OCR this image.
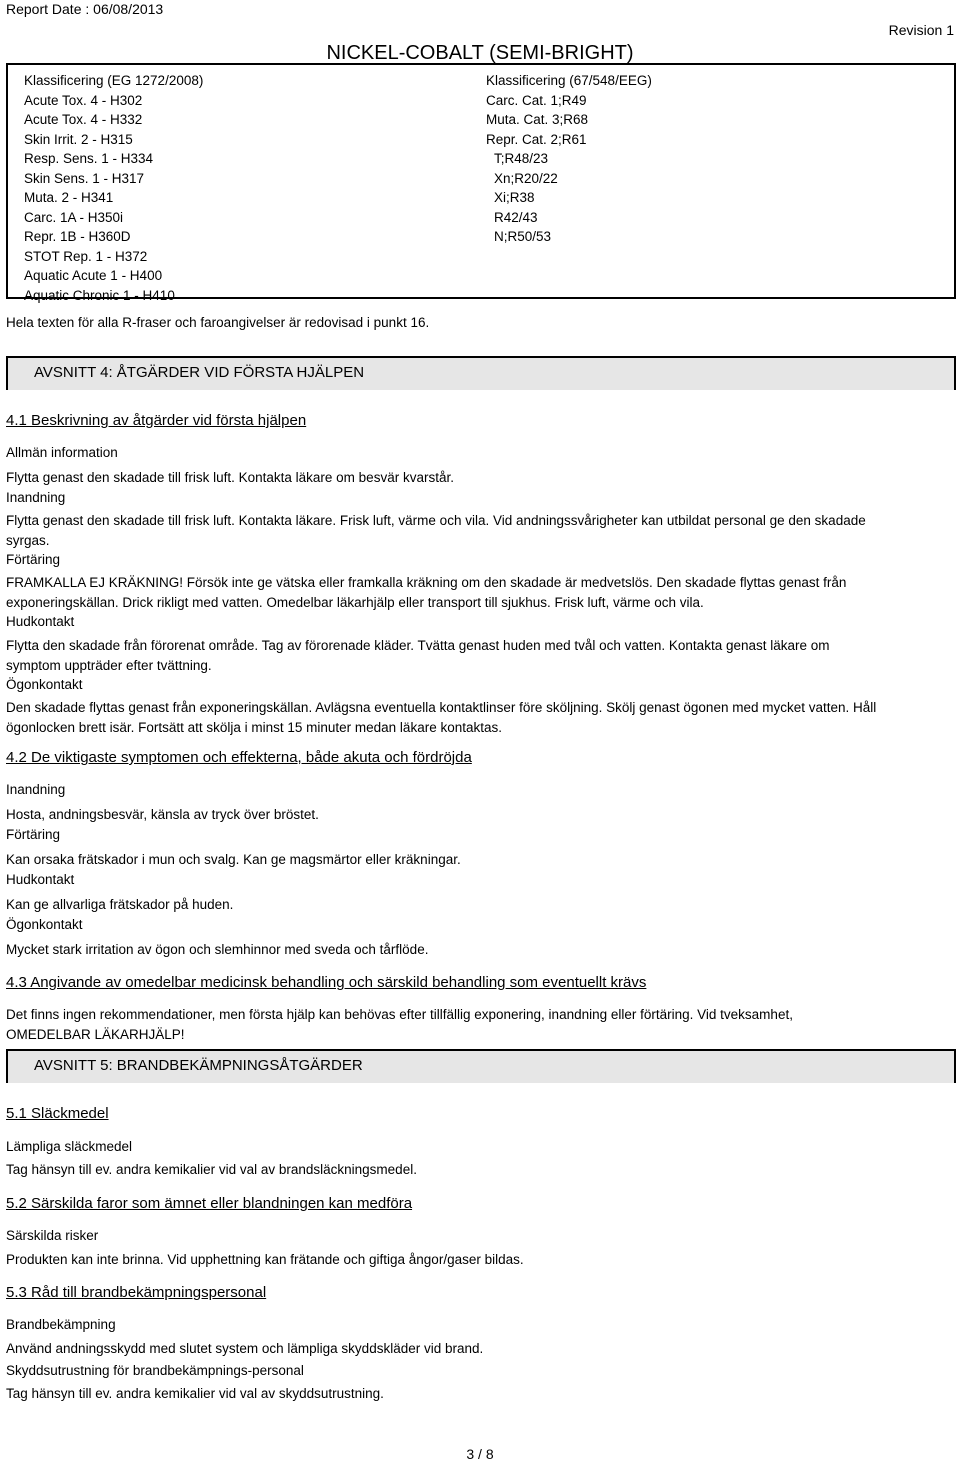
Report Date : 06/08/2013
NICKEL-COBALT (SEMI-BRIGHT)
Revision 1
Klassificering (EG 1272/2008)
Acute Tox. 4 - H302
Acute Tox. 4 - H332
Skin Irrit. 2 - H315
Resp. Sens. 1 - H334
Skin Sens. 1 - H317
Muta. 2 - H341
Carc. 1A - H350i
Repr. 1B - H360D
STOT Rep. 1 - H372
Aquatic Acute 1 - H400
Aquatic Chronic 1 - H410
Klassificering (67/548/EEG)
Carc. Cat. 1;R49
Muta. Cat. 3;R68
Repr. Cat. 2;R61
T;R48/23
Xn;R20/22
Xi;R38
R42/43
N;R50/53
Hela texten för alla R-fraser och faroangivelser är redovisad i punkt 16.
AVSNITT 4: ÅTGÄRDER VID FÖRSTA HJÄLPEN
4.1 Beskrivning av åtgärder vid första hjälpen
Allmän information
Flytta genast den skadade till frisk luft. Kontakta läkare om besvär kvarstår.
Inandning
Flytta genast den skadade till frisk luft. Kontakta läkare. Frisk luft, värme och vila. Vid andningssvårigheter kan utbildat personal ge den skadade syrgas.
Förtäring
FRAMKALLA EJ KRÄKNING! Försök inte ge vätska eller framkalla kräkning om den skadade är medvetslös. Den skadade flyttas genast från exponeringskällan. Drick rikligt med vatten. Omedelbar läkarhjälp eller transport till sjukhus. Frisk luft, värme och vila.
Hudkontakt
Flytta den skadade från förorenat område. Tag av förorenade kläder. Tvätta genast huden med tvål och vatten. Kontakta genast läkare om symptom uppträder efter tvättning.
Ögonkontakt
Den skadade flyttas genast från exponeringskällan. Avlägsna eventuella kontaktlinser före sköljning. Skölj genast ögonen med mycket vatten. Håll ögonlocken brett isär. Fortsätt att skölja i minst 15 minuter medan läkare kontaktas.
4.2 De viktigaste symptomen och effekterna, både akuta och fördröjda
Inandning
Hosta, andningsbesvär, känsla av tryck över bröstet.
Förtäring
Kan orsaka frätskador i mun och svalg. Kan ge magsmärtor eller kräkningar.
Hudkontakt
Kan ge allvarliga frätskador på huden.
Ögonkontakt
Mycket stark irritation av ögon och slemhinnor med sveda och tårflöde.
4.3 Angivande av omedelbar medicinsk behandling och särskild behandling som eventuellt krävs
Det finns ingen rekommendationer, men första hjälp kan behövas efter tillfällig exponering, inandning eller förtäring. Vid tveksamhet, OMEDELBAR LÄKARHJÄLP!
AVSNITT 5: BRANDBEKÄMPNINGSÅTGÄRDER
5.1 Släckmedel
Lämpliga släckmedel
Tag hänsyn till ev. andra kemikalier vid val av brandsläckningsmedel.
5.2 Särskilda faror som ämnet eller blandningen kan medföra
Särskilda risker
Produkten kan inte brinna. Vid upphettning kan frätande och giftiga ångor/gaser bildas.
5.3 Råd till brandbekämpningspersonal
Brandbekämpning
Använd andningsskydd med slutet system och lämpliga skyddskläder vid brand.
Skyddsutrustning för brandbekämpnings-personal
Tag hänsyn till ev. andra kemikalier vid val av skyddsutrustning.
3 / 8
